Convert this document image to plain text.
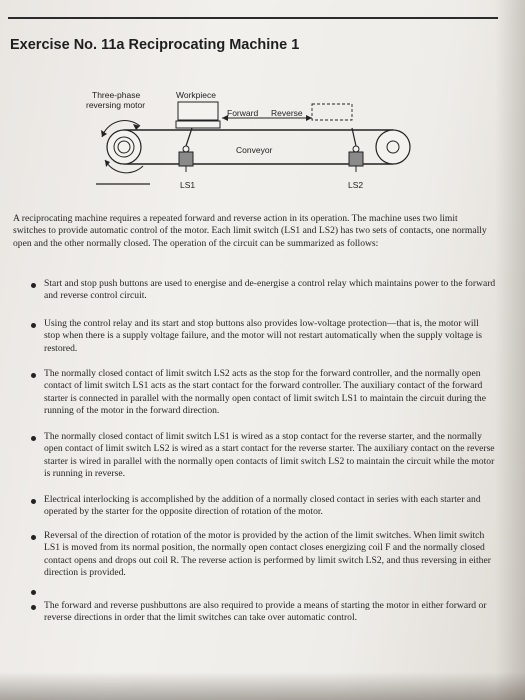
Exercise No. 11a Reciprocating Machine 1
Three-phase
reversing motor
Workpiece
Forward Reverse
Conveyor
LS1	LS2
A reciprocating machine requires a repeated forward and reverse action in its operation. The machine uses two limit switches to provide automatic control of the motor. Each limit switch (LS1 and LS2) has two sets of contacts, one normally open and the other normally closed. The operation of the circuit can be summarized as follows:
Start and stop push buttons are used to energise and de-energise a control relay which maintains power to the forward and reverse control circuit.
Using the control relay and its start and stop buttons also provides low-voltage protection—that is, the motor will stop when there is a supply voltage failure, and the motor will not restart automatically when the supply voltage is restored.
The normally closed contact of limit switch LS2 acts as the stop for the forward controller, and the normally open contact of limit switch LS1 acts as the start contact for the forward controller. The auxiliary contact of the forward starter is connected in parallel with the normally open contact of limit switch LS1 to maintain the circuit during the running of the motor in the forward direction.
The normally closed contact of limit switch LS1 is wired as a stop contact for the reverse starter, and the normally open contact of limit switch LS2 is wired as a start contact for the reverse starter. The auxiliary contact on the reverse starter is wired in parallel with the normally open contacts of limit switch LS2 to maintain the circuit while the motor is running in reverse.
Electrical interlocking is accomplished by the addition of a normally closed contact in series with each starter and operated by the starter for the opposite direction of rotation of the motor.
Reversal of the direction of rotation of the motor is provided by the action of the limit switches. When limit switch LS1 is moved from its normal position, the normally open contact closes energizing coil F and the normally closed contact opens and drops out coil R. The reverse action is performed by limit switch LS2, and thus reversing in either direction is provided.
The forward and reverse pushbuttons are also required to provide a means of starting the motor in either forward or reverse directions in order that the limit switches can take over automatic control.
